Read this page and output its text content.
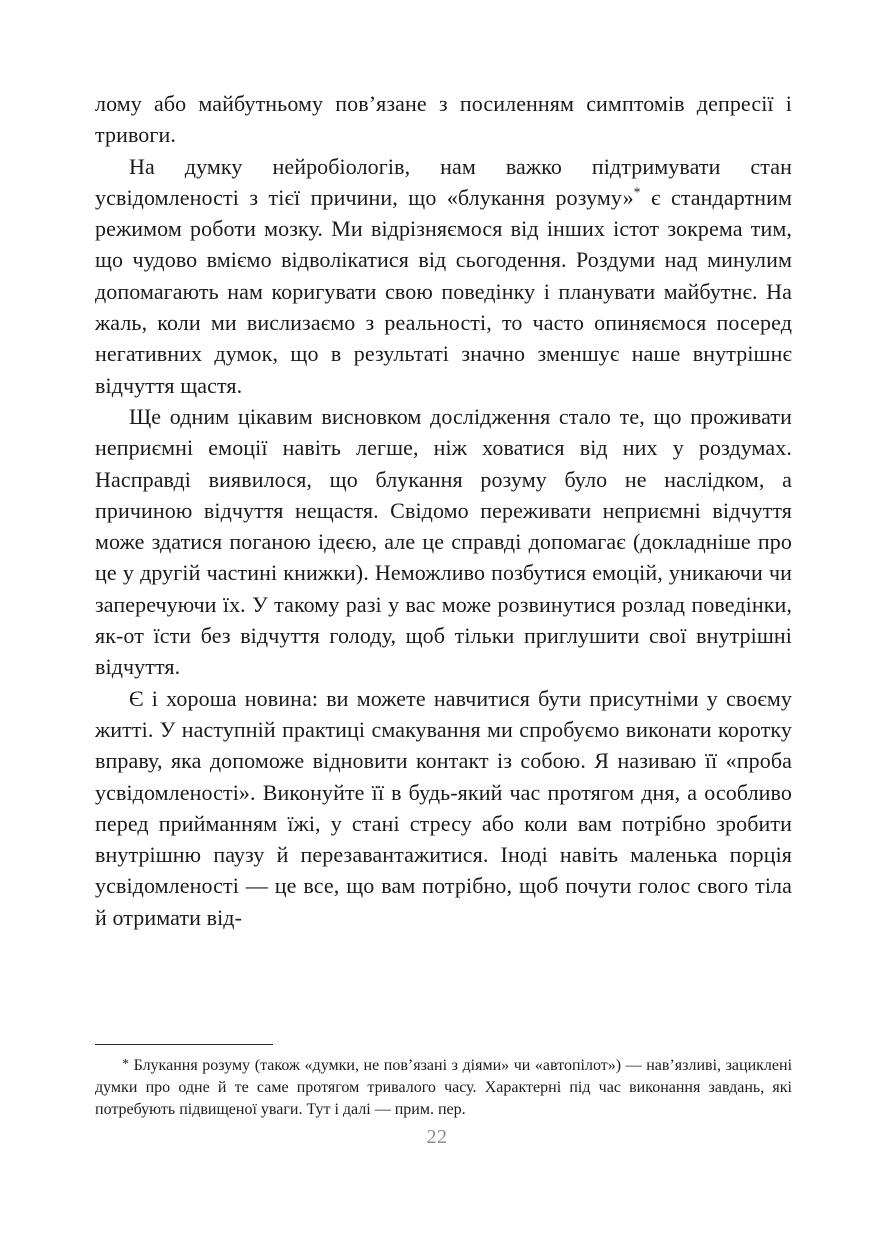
лому або майбутньому пов’язане з посиленням симптомів депресії і тривоги.

На думку нейробіологів, нам важко підтримувати стан усвідомленості з тієї причини, що «блукання розуму»* є стандартним режимом роботи мозку. Ми відрізняємося від інших істот зокрема тим, що чудово вміємо відволікатися від сьогодення. Роздуми над минулим допомагають нам коригувати свою поведінку і планувати майбутнє. На жаль, коли ми вислизаємо з реальності, то часто опиняємося посеред негативних думок, що в результаті значно зменшує наше внутрішнє відчуття щастя.

Ще одним цікавим висновком дослідження стало те, що проживати неприємні емоції навіть легше, ніж ховатися від них у роздумах. Насправді виявилося, що блукання розуму було не наслідком, а причиною відчуття нещастя. Свідомо переживати неприємні відчуття може здатися поганою ідеєю, але це справді допомагає (докладніше про це у другій частині книжки). Неможливо позбутися емоцій, уникаючи чи заперечуючи їх. У такому разі у вас може розвинутися розлад поведінки, як-от їсти без відчуття голоду, щоб тільки приглушити свої внутрішні відчуття.

Є і хороша новина: ви можете навчитися бути присутніми у своєму житті. У наступній практиці смакування ми спробуємо виконати коротку вправу, яка допоможе відновити контакт із собою. Я називаю її «проба усвідомленості». Виконуйте її в будь-який час протягом дня, а особливо перед прийманням їжі, у стані стресу або коли вам потрібно зробити внутрішню паузу й перезавантажитися. Іноді навіть маленька порція усвідомленості — це все, що вам потрібно, щоб почути голос свого тіла й отримати від-

* Блукання розуму (також «думки, не пов’язані з діями» чи «автопілот») — нав’язливі, зациклені думки про одне й те саме протягом тривалого часу. Характерні під час виконання завдань, які потребують підвищеної уваги. Тут і далі — прим. пер.

22
